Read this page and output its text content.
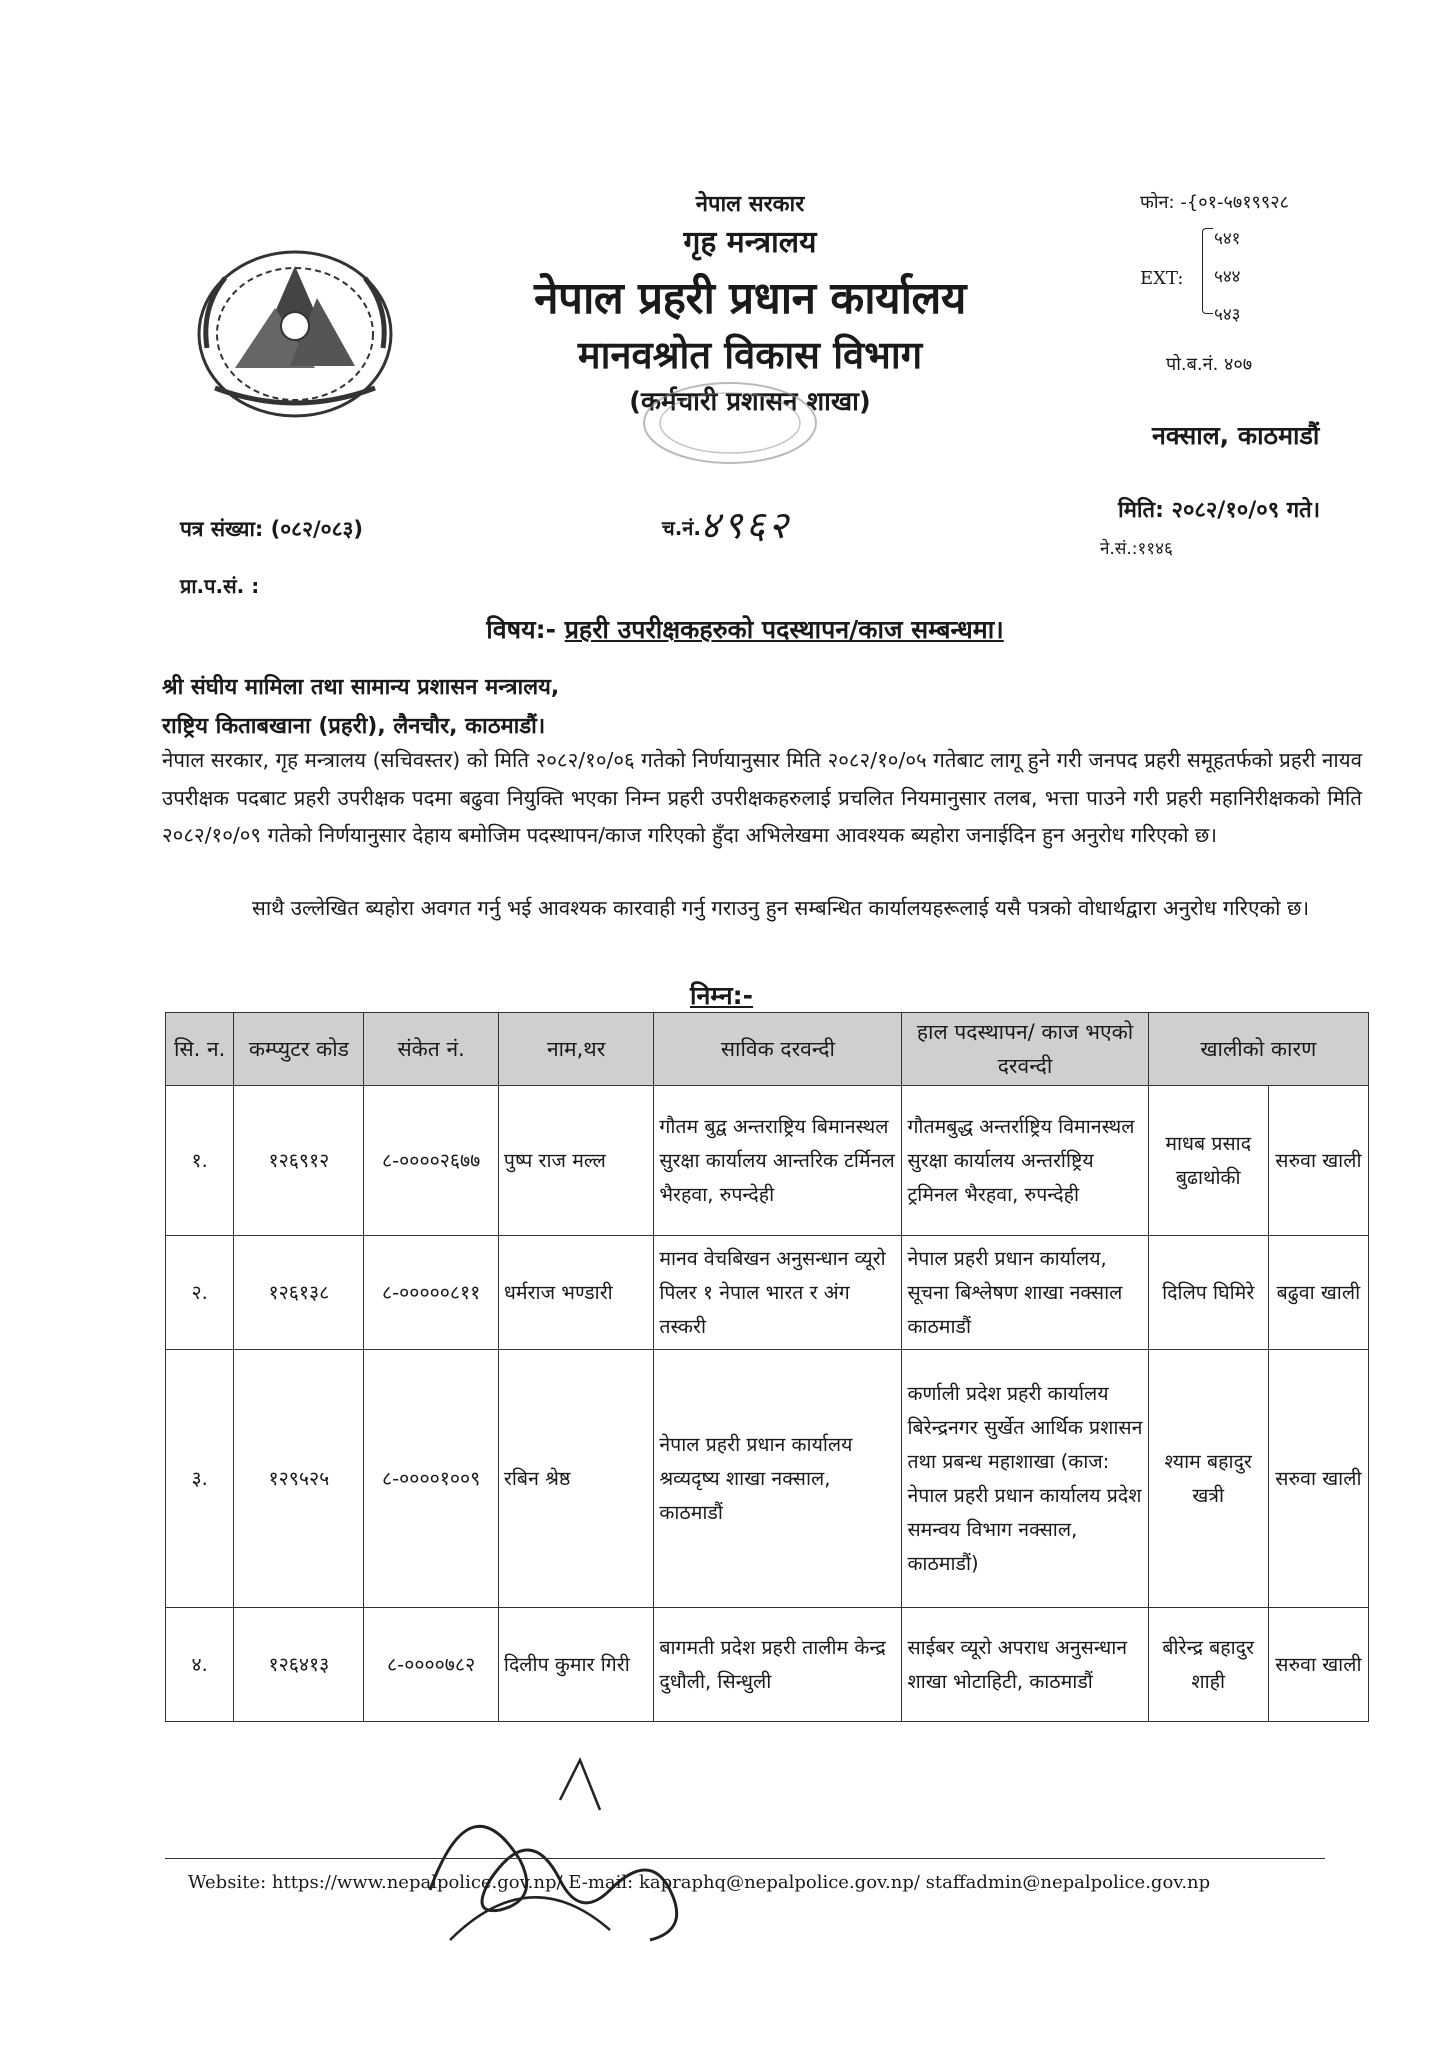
नेपाल सरकार
गृह मन्त्रालय
नेपाल प्रहरी प्रधान कार्यालय
मानवश्रोत विकास विभाग
(कर्मचारी प्रशासन शाखा)
फोन: -{०१-५७१९९२८
EXT:
५४१
५४४
५४३
पो.ब.नं. ४०७
नक्साल, काठमाडौं
पत्र संख्या: (०८२/०८३)	च.नं. ४९६२	मिति: २०८२/१०/०९ गते।
ने.सं.:११४६
प्रा.प.सं. :
विषय:- प्रहरी उपरीक्षकहरुको पदस्थापन/काज सम्बन्धमा।
श्री संघीय मामिला तथा सामान्य प्रशासन मन्त्रालय,
राष्ट्रिय किताबखाना (प्रहरी), लैनचौर, काठमाडौं।
नेपाल सरकार, गृह मन्त्रालय (सचिवस्तर) को मिति २०८२/१०/०६ गतेको निर्णयानुसार मिति २०८२/१०/०५ गतेबाट लागू हुने गरी जनपद प्रहरी समूहतर्फको प्रहरी नायव उपरीक्षक पदबाट प्रहरी उपरीक्षक पदमा बढुवा नियुक्ति भएका निम्न प्रहरी उपरीक्षकहरुलाई प्रचलित नियमानुसार तलब, भत्ता पाउने गरी प्रहरी महानिरीक्षकको मिति २०८२/१०/०९ गतेको निर्णयानुसार देहाय बमोजिम पदस्थापन/काज गरिएको हुँदा अभिलेखमा आवश्यक ब्यहोरा जनाईदिन हुन अनुरोध गरिएको छ।
साथै उल्लेखित ब्यहोरा अवगत गर्नु भई आवश्यक कारवाही गर्नु गराउनु हुन सम्बन्धित कार्यालयहरूलाई यसै पत्रको वोधार्थद्वारा अनुरोध गरिएको छ।
निम्न:-
सि. न.	कम्प्युटर कोड	संकेत नं.	नाम,थर	साविक दरवन्दी	हाल पदस्थापन/ काज भएको दरवन्दी	खालीको कारण	
१.	१२६९१२	८-००००२६७७	पुष्प राज मल्ल	गौतम बुद्व अन्तराष्ट्रिय बिमानस्थल सुरक्षा कार्यालय आन्तरिक टर्मिनल भैरहवा, रुपन्देही	गौतमबुद्ध अन्तर्राष्ट्रिय विमानस्थल सुरक्षा कार्यालय अन्तर्राष्ट्रिय ट्रमिनल भैरहवा, रुपन्देही	माधब प्रसाद बुढाथोकी	सरुवा खाली
२.	१२६१३८	८-०००००८११	धर्मराज भण्डारी	मानव वेचबिखन अनुसन्धान व्यूरो पिलर १ नेपाल भारत र अंग तस्करी	नेपाल प्रहरी प्रधान कार्यालय, सूचना बिश्लेषण शाखा नक्साल काठमाडौं	दिलिप घिमिरे	बढुवा खाली
३.	१२९५२५	८-००००१००९	रबिन श्रेष्ठ	नेपाल प्रहरी प्रधान कार्यालय श्रव्यदृष्य शाखा नक्साल, काठमाडौं	कर्णाली प्रदेश प्रहरी कार्यालय बिरेन्द्रनगर सुर्खेत आर्थिक प्रशासन तथा प्रबन्ध महाशाखा (काज: नेपाल प्रहरी प्रधान कार्यालय प्रदेश समन्वय विभाग नक्साल, काठमाडौं)	श्याम बहादुर खत्री	सरुवा खाली
४.	१२६४१३	८-००००७८२	दिलीप कुमार गिरी	बागमती प्रदेश प्रहरी तालीम केन्द्र दुधौली, सिन्धुली	साईबर व्यूरो अपराध अनुसन्धान शाखा भोटाहिटी, काठमाडौं	बीरेन्द्र बहादुर शाही	सरुवा खाली
Website: https://www.nepalpolice.gov.np/ E-mail: kapraphq@nepalpolice.gov.np/ staffadmin@nepalpolice.gov.np
